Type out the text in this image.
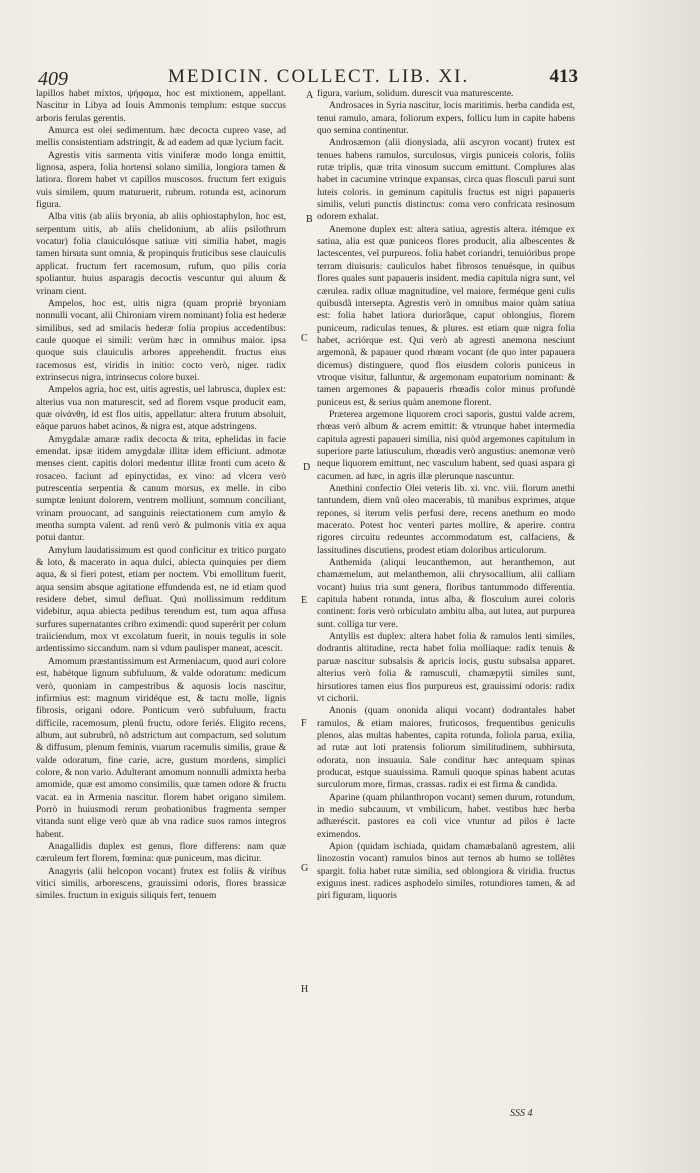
409	MEDICIN. COLLECT. LIB. XI.	413

lapillos habet mixtos, ψήφαμα, hoc est mixtionem, appellant. Nascitur in Libya ad Iouis Ammonis templum: estque succus arboris ferulas gerentis.

Amurca est olei sedimentum. hæc decocta cupreo vase, ad mellis consistentiam adstringit, & ad eadem ad quæ lycium facit.

Agrestis vitis sarmenta vitis viniferæ modo longa emittit, lignosa, aspera, folia hortensi solano similia, longiora tamen & latiora. florem habet vt capillos muscosos. fructum fert exiguis vuis similem, quum maturuerit, rubrum. rotunda est, acinorum figura.

Alba vitis (ab aliis bryonia, ab aliis ophiostaphylon, hoc est, serpentum uitis, ab aliis chelidonium, ab aliis psilothrum vocatur) folia clauiculósque satiuæ viti similia habet, magis tamen hirsuta sunt omnia, & propinquis fruticibus sese clauiculis applicat. fructum fert racemosum, rufum, quo pilis coria spoliantur. huius asparagis decoctis vescuntur qui aluum & vrinam cient.

Ampelos, hoc est, uitis nigra (quam propriè bryoniam nonnulli vocant, alii Chironiam virem nominant) folia est hederæ similibus, sed ad smilacis hederæ folia propius accedentibus: caule quoque ei simili: verùm hæc in omnibus maior. ipsa quoque suis clauiculis arbores apprehendit. fructus eius racemosus est, viridis in initio: cocto verò, niger. radix extrinsecus nigra, intrinsecus colore buxei.

Ampelos agria, hoc est, uitis agrestis, uel labrusca, duplex est: alterius vua non maturescit, sed ad florem vsque producit eam, quæ οἰνάνθη, id est flos uitis, appellatur: altera frutum absoluit, eáque paruos habet acinos, & nigra est, atque adstringens.

Amygdalæ amaræ radix decocta & trita, ephelidas in facie emendat. ipsæ itidem amygdalæ illitæ idem efficiunt. admotæ menses cient. capitis dolori medentur illitæ fronti cum aceto & rosaceo. faciunt ad epinyctidas, ex vino: ad vlcera verò putrescentia serpentia & canum morsus, ex melle. in cibo sumptæ leniunt dolorem, ventrem molliunt, somnum conciliant, vrinam prouocant, ad sanguinis reiectationem cum amylo & mentha sumpta valent. ad renû verò & pulmonis vitia ex aqua potui dantur.

Amylum laudatissimum est quod conficitur ex tritico purgato & loto, & macerato in aqua dulci, abiecta quinquies per diem aqua, & si fieri potest, etiam per noctem. Vbi emollitum fuerit, aqua sensim absque agitatione effundenda est, ne id etiam quod residere debet, simul defluat. Quú mollissimum redditum videbitur, aqua abiecta pedibus terendum est, tum aqua affusa surfures supernatantes cribro eximendi: quod superérit per colum traiiciendum, mox vt excolatum fuerit, in nouis tegulis in sole ardentissimo siccandum. nam si vdum paulisper maneat, acescit.

Amomum præstantissimum est Armeniacum, quod auri colore est, habétque lignum subfuluum, & valde odoratum: medicum verò, quoniam in campestribus & aquosis locis nascitur, infirmius est: magnum viridéque est, & tactu molle, lignis fibrosis, origani odore. Ponticum verò subfuluum, fractu difficile, racemosum, plenû fructu, odore feriés. Eligito recens, album, aut subrubrû, nõ adstrictum aut compactum, sed solutum & diffusum, plenum feminis, vuarum racemulis similis, graue & valde odoratum, fine carie, acre, gustum mordens, simplici colore, & non vario. Adulterant amomum nonnulli admixta herba amomide, quæ est amomo consimilis, quæ tamen odore & fructu vacat. ea in Armenia nascitur. florem habet origano similem. Porrò in huiusmodi rerum probationibus fragmenta semper vitanda sunt elige verò quæ ab vna radice suos ramos integros habent.

Anagallidis duplex est genus, flore differens: nam quæ cæruleum fert florem, fœmina: quæ puniceum, mas dicitur.

Anagyris (alii helcopon vocant) frutex est foliis & viribus vitici similis, arborescens, grauissimi odoris, flores brassicæ similes. fructum in exiguis siliquis fert, tenuem

A
B
C
D
E
F
G
H

figura, varium, solidum. durescit vua maturescente.

Androsaces in Syria nascitur, locis maritimis. herba candida est, tenui ramulo, amara, foliorum expers, follicu lum in capite habens quo semina continentur.

Androsæmon (alii dionysiada, alii ascyron vocant) frutex est tenues habens ramulos, surculosus, virgis puniceis coloris, foliis rutæ triplis, quæ trita vinosum succum emittunt. Complures alas habet in cacumine vtrinque expansas, circa quas flosculi parui sunt luteis coloris. in geminum capitulis fructus est nigri papaueris similis, veluti punctis distinctus: coma vero confricata resinosum odorem exhalat.

Anemone duplex est: altera satiua, agrestis altera. itémque ex satiua, alia est quæ puniceos flores producit, alia albescentes & lactescentes, vel purpureos. folia habet coriandri, tenuióribus prope terram diuisuris: cauliculos habet fibrosos tenuésque, in quibus flores quales sunt papaueris insident. media capitula nigra sunt, vel cærulea. radix olluæ magnitudine, vel maiore, ferméque geni culis quibusdã intersepta. Agrestis verò in omnibus maior quàm satiua est: folia habet latiora duriorâque, caput oblongius, florem puniceum, radiculas tenues, & plures. est etiam quæ nigra folia habet, acriórque est. Qui verò ab agresti anemona nesciunt argemonã, & papauer quod rhœam vocant (de quo inter papauera dicemus) distinguere, quod flos eiusdem coloris puniceus in vtroque visitur, falluntur, & argemonam eupatorium nominant: & tamen argemones & papaueris rhœadis color minus profundè puniceus est, & serius quàm anemone florent.

Præterea argemone liquorem croci saporis, gustui valde acrem, rhœas verò album & acrem emittit: & vtrunque habet intermedia capitula agresti papaueri similia, nisi quòd argemones capitulum in superiore parte latiusculum, rhœadis verò angustius: anemonæ verò neque liquorem emittunt, nec vasculum habent, sed quasi aspara gi cacumen. ad hæc, in agris illæ plerunque nascuntur.

Anethini confectio Olei veteris lib. xi. vnc. viii. florum anethi tantundem, diem vnũ oleo macerabis, tũ manibus exprimes, atque repones, si iterum velis perfusi dere, recens anethum eo modo macerato. Potest hoc venteri partes mollire, & aperire. contra rigores circuitu redeuntes accommodatum est, calfaciens, & lassitudines discutiens, prodest etiam doloribus articulorum.

Anthemida (aliqui leucanthemon, aut heranthemon, aut chamæmelum, aut melanthemon, alii chrysocallium, alii calliam vocant) huius tria sunt genera, floribus tantummodo differentia. capitula habent rotunda, intus alba, & flosculum aurei coloris continent: foris verò orbiculato ambitu alba, aut lutea, aut purpurea sunt. colliga tur vere.

Antyllis est duplex: altera habet folia & ramulos lenti similes, dodrantis altitudine, recta habet folia molliaque: radix tenuis & paruæ nascitur subsalsis & apricis locis, gustu subsalsa apparet. alterius verò folia & ramusculi, chamæpytii similes sunt, hirsutiores tamen eius flos purpureus est, grauissimi odoris: radix vt cichorii.

Anonis (quam ononida aliqui vocant) dodrantales habet ramulos, & etiam maiores, fruticosos, frequentibus geniculis plenos, alas multas habentes, capita rotunda, foliola parua, exilia, ad rutæ aut loti pratensis foliorum similitudinem, subhirsuta, odorata, non insuauia. Sale conditur hæc antequam spinas producat, estque suauissima. Ramuli quoque spinas habent acutas surculorum more, firmas, crassas. radix ei est firma & candida.

Aparine (quam philanthropon vocant) semen durum, rotundum, in medio subcauum, vt vmbilicum, habet. vestibus hæc herba adhæréscit. pastores ea coli vice vtuntur ad pilos è lacte eximendos.

Apion (quidam ischiada, quidam chamæbalanũ agrestem, alii linozostin vocant) ramulos binos aut ternos ab humo se tollẽtes spargit. folia habet rutæ similia, sed oblongiora & viridia. fructus exiguus inest. radices asphodelo similes, rotundiores tamen, & ad piri figuram, liquoris

SSS 4
